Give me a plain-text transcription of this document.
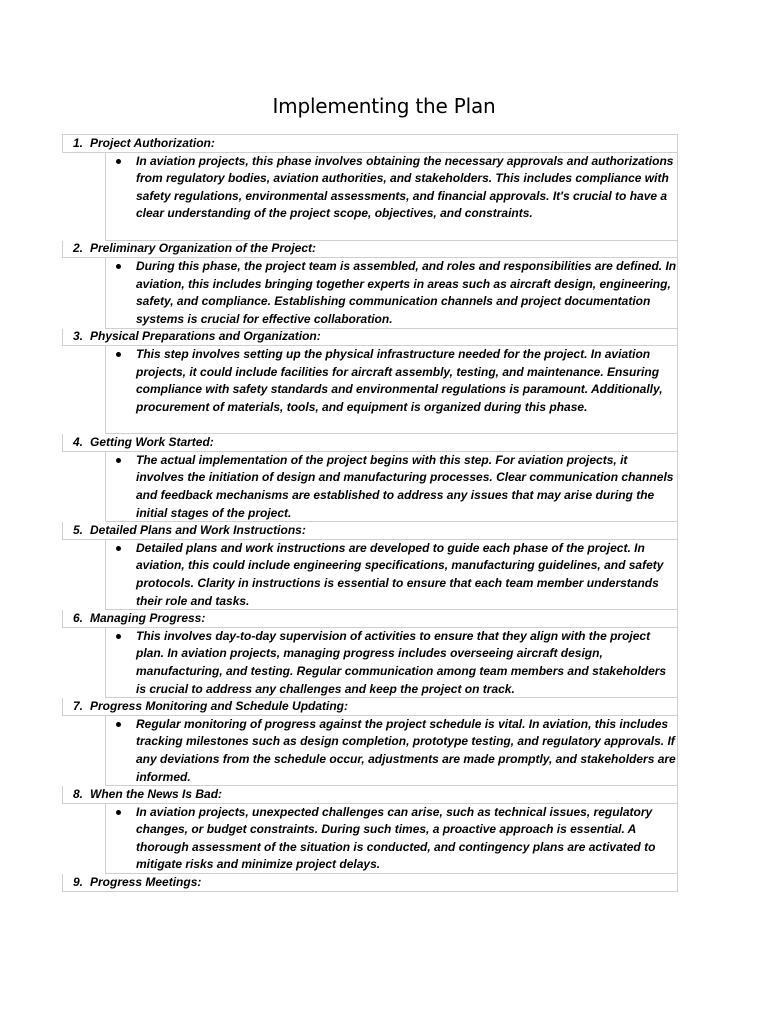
Implementing the Plan
1. Project Authorization:
In aviation projects, this phase involves obtaining the necessary approvals and authorizations from regulatory bodies, aviation authorities, and stakeholders. This includes compliance with safety regulations, environmental assessments, and financial approvals. It's crucial to have a clear understanding of the project scope, objectives, and constraints.
2. Preliminary Organization of the Project:
During this phase, the project team is assembled, and roles and responsibilities are defined. In aviation, this includes bringing together experts in areas such as aircraft design, engineering, safety, and compliance. Establishing communication channels and project documentation systems is crucial for effective collaboration.
3. Physical Preparations and Organization:
This step involves setting up the physical infrastructure needed for the project. In aviation projects, it could include facilities for aircraft assembly, testing, and maintenance. Ensuring compliance with safety standards and environmental regulations is paramount. Additionally, procurement of materials, tools, and equipment is organized during this phase.
4. Getting Work Started:
The actual implementation of the project begins with this step. For aviation projects, it involves the initiation of design and manufacturing processes. Clear communication channels and feedback mechanisms are established to address any issues that may arise during the initial stages of the project.
5. Detailed Plans and Work Instructions:
Detailed plans and work instructions are developed to guide each phase of the project. In aviation, this could include engineering specifications, manufacturing guidelines, and safety protocols. Clarity in instructions is essential to ensure that each team member understands their role and tasks.
6. Managing Progress:
This involves day-to-day supervision of activities to ensure that they align with the project plan. In aviation projects, managing progress includes overseeing aircraft design, manufacturing, and testing. Regular communication among team members and stakeholders is crucial to address any challenges and keep the project on track.
7. Progress Monitoring and Schedule Updating:
Regular monitoring of progress against the project schedule is vital. In aviation, this includes tracking milestones such as design completion, prototype testing, and regulatory approvals. If any deviations from the schedule occur, adjustments are made promptly, and stakeholders are informed.
8. When the News Is Bad:
In aviation projects, unexpected challenges can arise, such as technical issues, regulatory changes, or budget constraints. During such times, a proactive approach is essential. A thorough assessment of the situation is conducted, and contingency plans are activated to mitigate risks and minimize project delays.
9. Progress Meetings:
